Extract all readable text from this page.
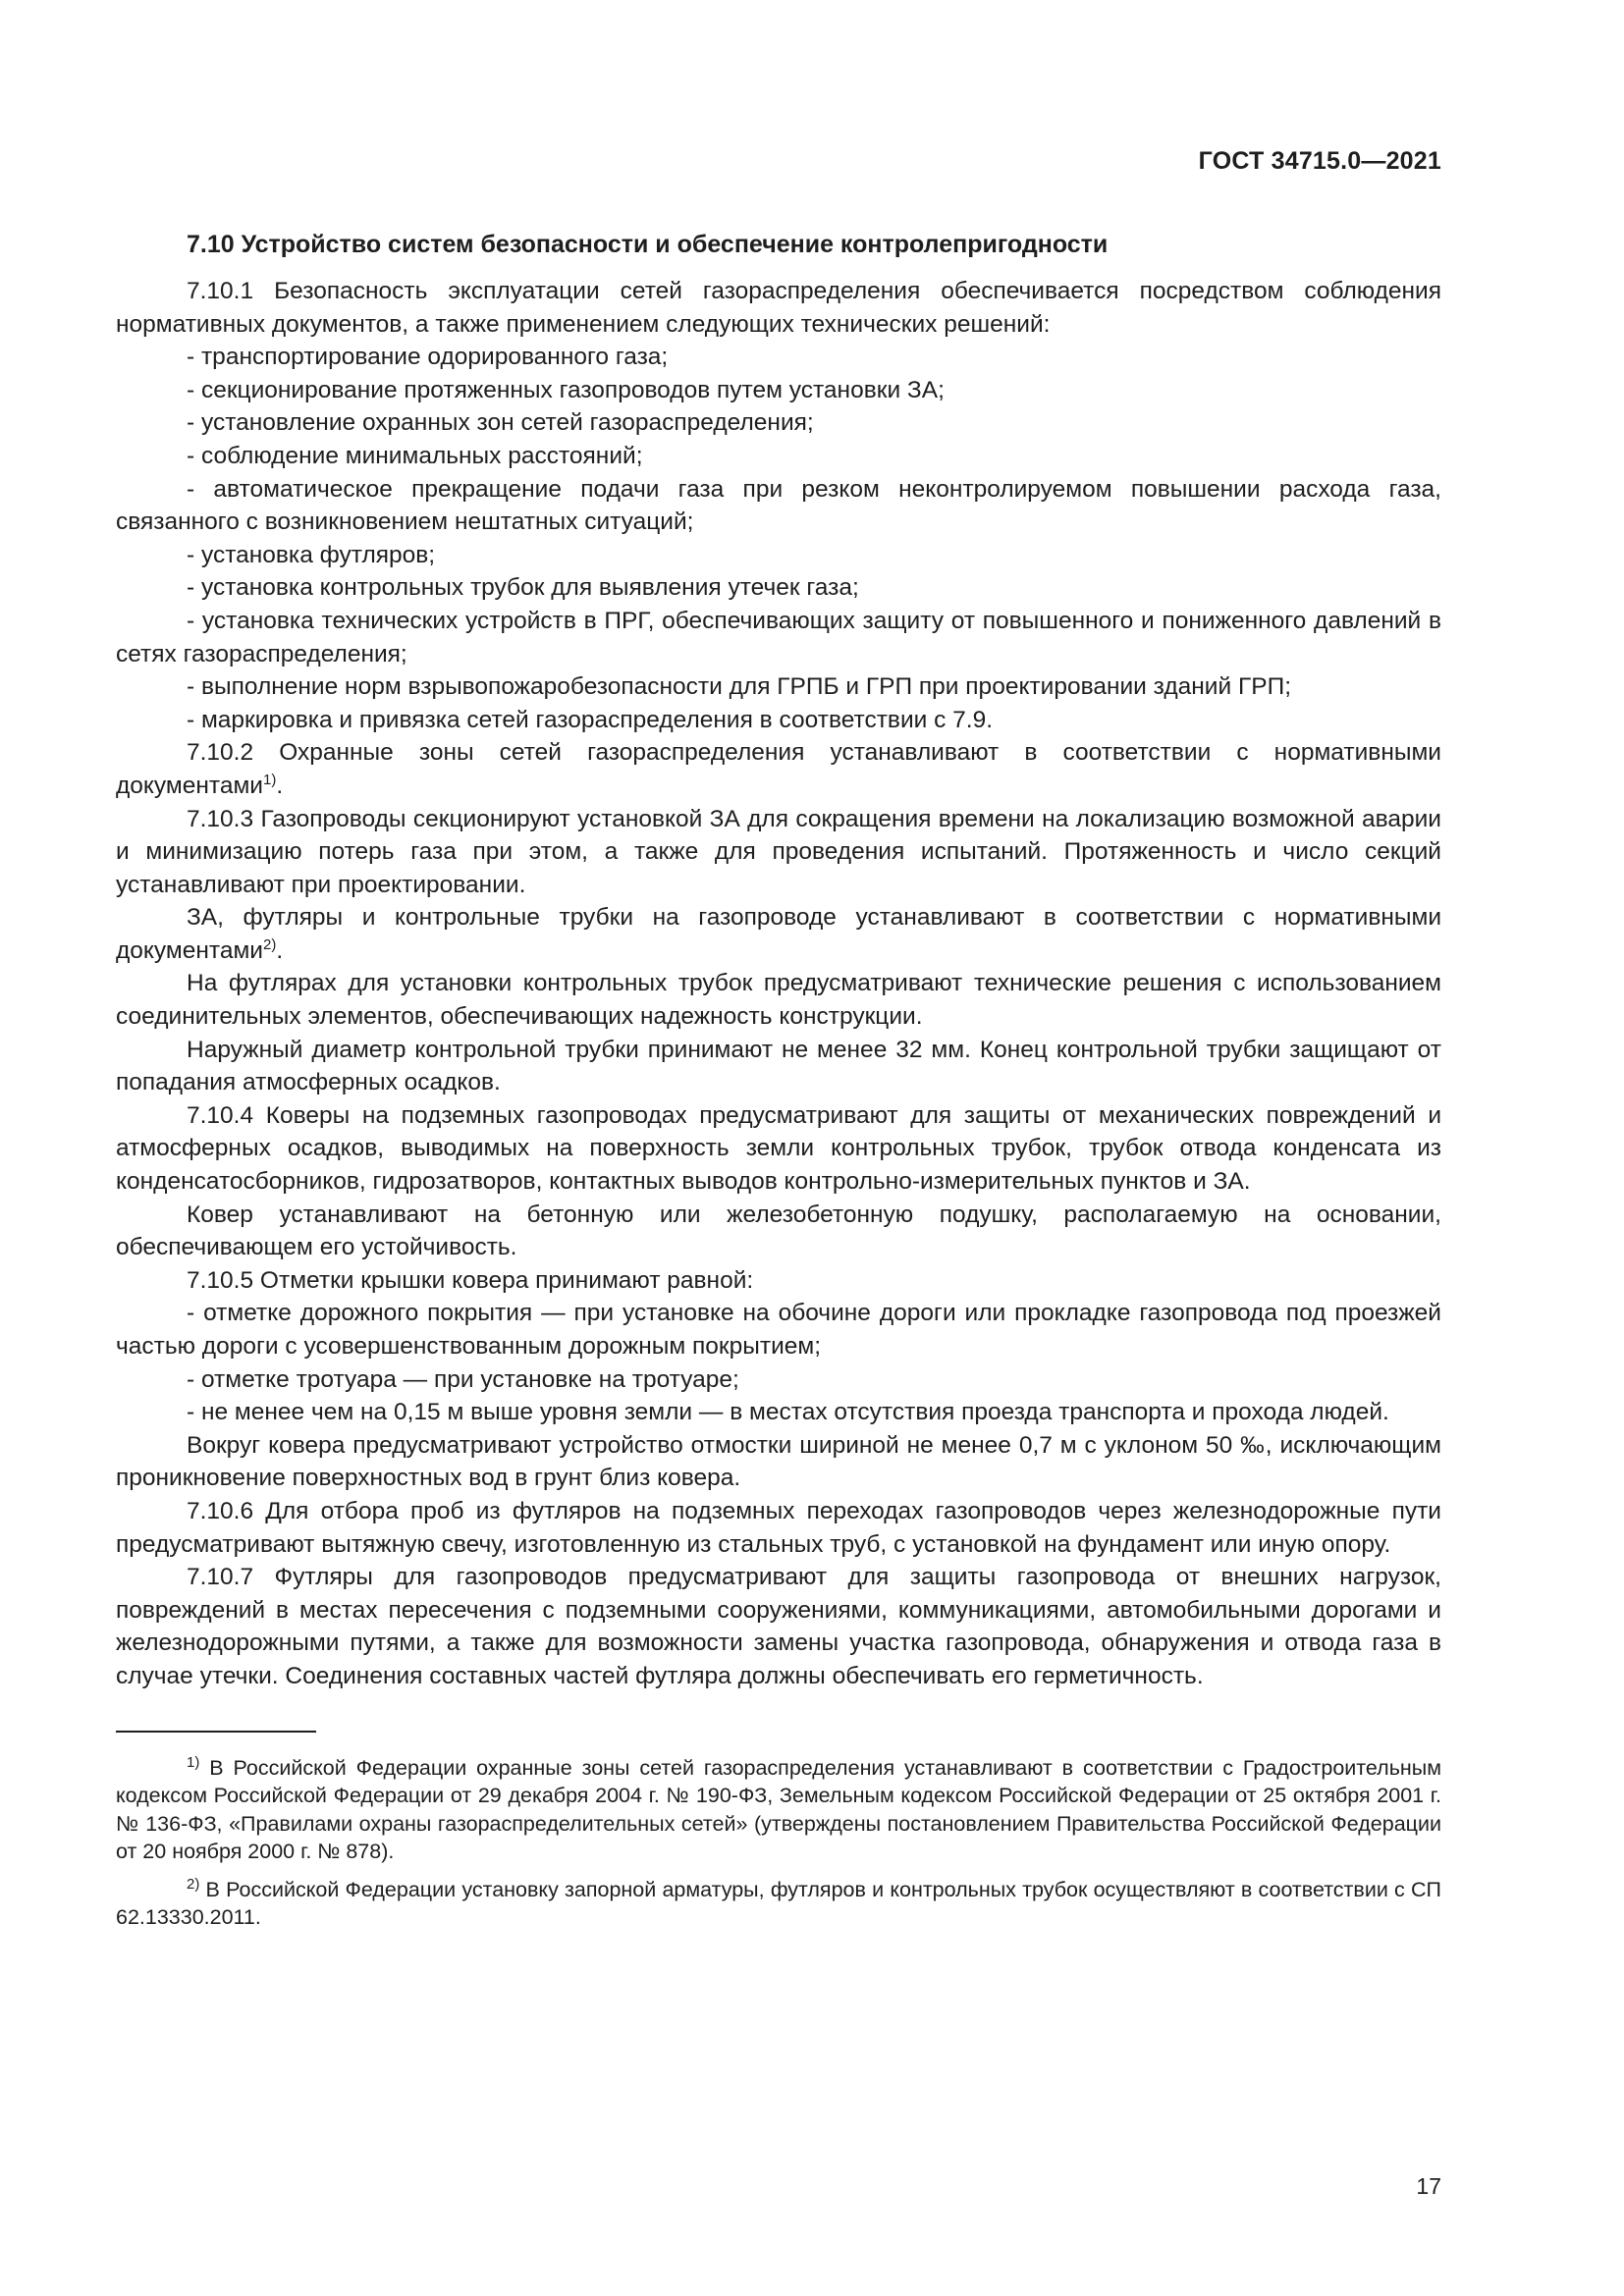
ГОСТ 34715.0—2021
7.10 Устройство систем безопасности и обеспечение контролепригодности

7.10.1 Безопасность эксплуатации сетей газораспределения обеспечивается посредством соблюдения нормативных документов, а также применением следующих технических решений:

- транспортирование одорированного газа;

- секционирование протяженных газопроводов путем установки ЗА;

- установление охранных зон сетей газораспределения;

- соблюдение минимальных расстояний;

- автоматическое прекращение подачи газа при резком неконтролируемом повышении расхода газа, связанного с возникновением нештатных ситуаций;

- установка футляров;

- установка контрольных трубок для выявления утечек газа;

- установка технических устройств в ПРГ, обеспечивающих защиту от повышенного и пониженного давлений в сетях газораспределения;

- выполнение норм взрывопожаробезопасности для ГРПБ и ГРП при проектировании зданий ГРП;

- маркировка и привязка сетей газораспределения в соответствии с 7.9.

7.10.2 Охранные зоны сетей газораспределения устанавливают в соответствии с нормативными документами$^{1)}$.

7.10.3 Газопроводы секционируют установкой ЗА для сокращения времени на локализацию возможной аварии и минимизацию потерь газа при этом, а также для проведения испытаний. Протяженность и число секций устанавливают при проектировании.

ЗА, футляры и контрольные трубки на газопроводе устанавливают в соответствии с нормативными документами$^{2)}$.

На футлярах для установки контрольных трубок предусматривают технические решения с использованием соединительных элементов, обеспечивающих надежность конструкции.

Наружный диаметр контрольной трубки принимают не менее 32 мм. Конец контрольной трубки защищают от попадания атмосферных осадков.

7.10.4 Коверы на подземных газопроводах предусматривают для защиты от механических повреждений и атмосферных осадков, выводимых на поверхность земли контрольных трубок, трубок отвода конденсата из конденсатосборников, гидрозатворов, контактных выводов контрольно-измерительных пунктов и ЗА.

Ковер устанавливают на бетонную или железобетонную подушку, располагаемую на основании, обеспечивающем его устойчивость.

7.10.5 Отметки крышки ковера принимают равной:

- отметке дорожного покрытия — при установке на обочине дороги или прокладке газопровода под проезжей частью дороги с усовершенствованным дорожным покрытием;

- отметке тротуара — при установке на тротуаре;

- не менее чем на 0,15 м выше уровня земли — в местах отсутствия проезда транспорта и прохода людей.

Вокруг ковера предусматривают устройство отмостки шириной не менее 0,7 м с уклоном 50 ‰, исключающим проникновение поверхностных вод в грунт близ ковера.

7.10.6 Для отбора проб из футляров на подземных переходах газопроводов через железнодорожные пути предусматривают вытяжную свечу, изготовленную из стальных труб, с установкой на фундамент или иную опору.

7.10.7 Футляры для газопроводов предусматривают для защиты газопровода от внешних нагрузок, повреждений в местах пересечения с подземными сооружениями, коммуникациями, автомобильными дорогами и железнодорожными путями, а также для возможности замены участка газопровода, обнаружения и отвода газа в случае утечки. Соединения составных частей футляра должны обеспечивать его герметичность.

$^{1)}$ В Российской Федерации охранные зоны сетей газораспределения устанавливают в соответствии с Градостроительным кодексом Российской Федерации от 29 декабря 2004 г. № 190-ФЗ, Земельным кодексом Российской Федерации от 25 октября 2001 г. № 136-ФЗ, «Правилами охраны газораспределительных сетей» (утверждены постановлением Правительства Российской Федерации от 20 ноября 2000 г. № 878).

$^{2)}$ В Российской Федерации установку запорной арматуры, футляров и контрольных трубок осуществляют в соответствии с СП 62.13330.2011.

17
